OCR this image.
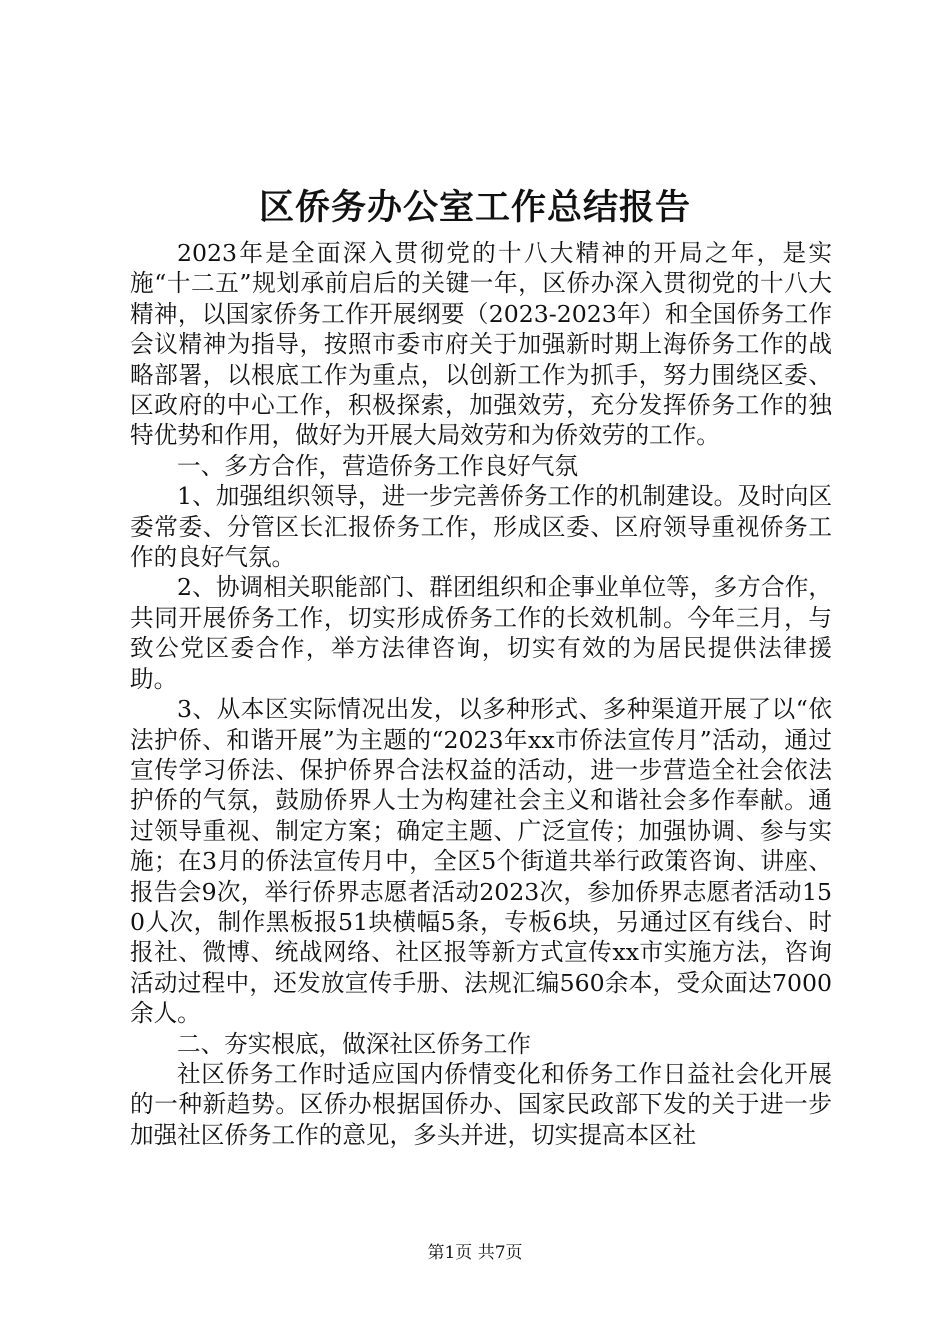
区侨务办公室工作总结报告

2023年是全面深入贯彻党的十八大精神的开局之年，是实施“十二五”规划承前启后的关键一年，区侨办深入贯彻党的十八大精神，以国家侨务工作开展纲要（2023-2023年）和全国侨务工作会议精神为指导，按照市委市府关于加强新时期上海侨务工作的战略部署，以根底工作为重点，以创新工作为抓手，努力围绕区委、区政府的中心工作，积极探索，加强效劳，充分发挥侨务工作的独特优势和作用，做好为开展大局效劳和为侨效劳的工作。

一、多方合作，营造侨务工作良好气氛

1、加强组织领导，进一步完善侨务工作的机制建设。及时向区委常委、分管区长汇报侨务工作，形成区委、区府领导重视侨务工作的良好气氛。

2、协调相关职能部门、群团组织和企事业单位等，多方合作，共同开展侨务工作，切实形成侨务工作的长效机制。今年三月，与致公党区委合作，举方法律咨询，切实有效的为居民提供法律援助。

3、从本区实际情况出发，以多种形式、多种渠道开展了以“依法护侨、和谐开展”为主题的“2023年xx市侨法宣传月”活动，通过宣传学习侨法、保护侨界合法权益的活动，进一步营造全社会依法护侨的气氛，鼓励侨界人士为构建社会主义和谐社会多作奉献。通过领导重视、制定方案；确定主题、广泛宣传；加强协调、参与实施；在3月的侨法宣传月中，全区5个街道共举行政策咨询、讲座、报告会9次，举行侨界志愿者活动2023次，参加侨界志愿者活动150人次，制作黑板报51块横幅5条，专板6块，另通过区有线台、时报社、微博、统战网络、社区报等新方式宣传xx市实施方法，咨询活动过程中，还发放宣传手册、法规汇编560余本，受众面达7000余人。

二、夯实根底，做深社区侨务工作

社区侨务工作时适应国内侨情变化和侨务工作日益社会化开展的一种新趋势。区侨办根据国侨办、国家民政部下发的关于进一步加强社区侨务工作的意见，多头并进，切实提高本区社

第1页 共7页
